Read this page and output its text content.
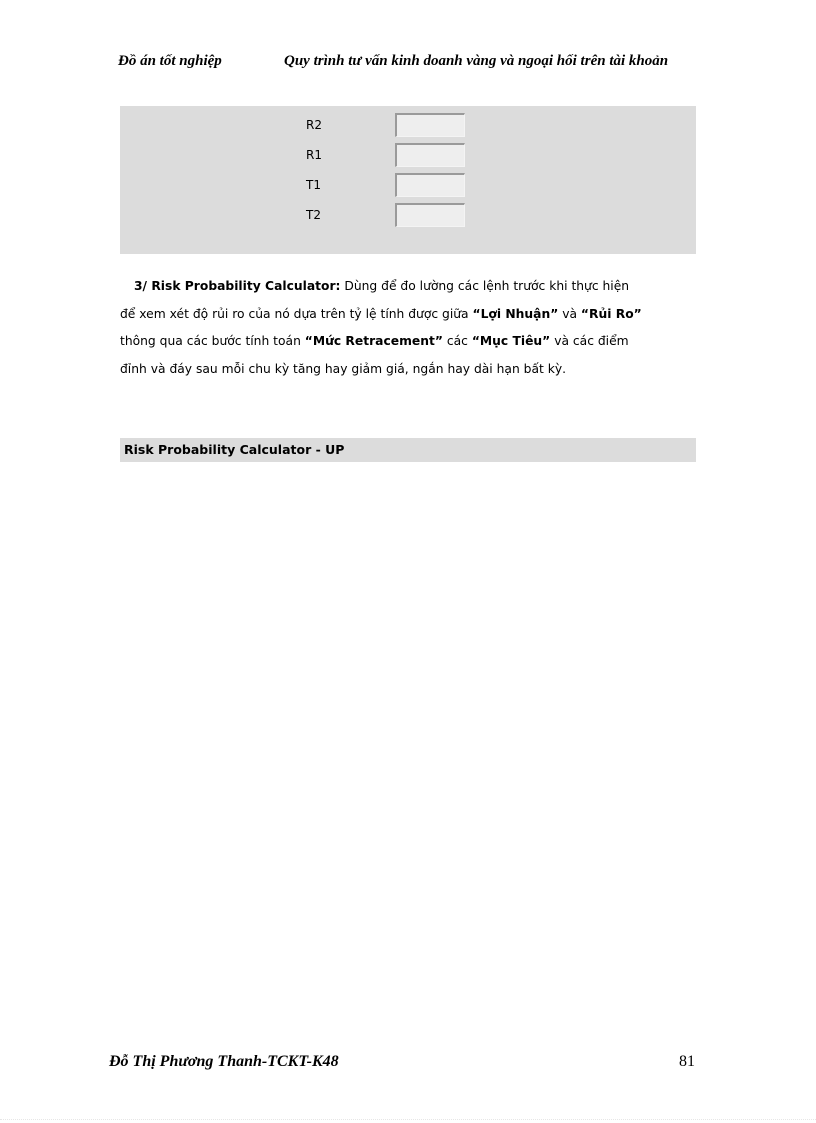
Đồ án tốt nghiệp	Quy trình tư vấn kinh doanh vàng và ngoại hối trên tài khoản
R2
R1
T1
T2

3/ Risk Probability Calculator: Dùng để đo lường các lệnh trước khi thực hiện

để xem xét độ rủi ro của nó dựa trên tỷ lệ tính được giữa “Lợi Nhuận” và “Rủi Ro”

thông qua các bước tính toán “Mức Retracement” các “Mục Tiêu” và các điểm

đỉnh và đáy sau mỗi chu kỳ tăng hay giảm giá, ngắn hay dài hạn bất kỳ.

Risk Probability Calculator - UP
Đỗ Thị Phương Thanh-TCKT-K48	81
